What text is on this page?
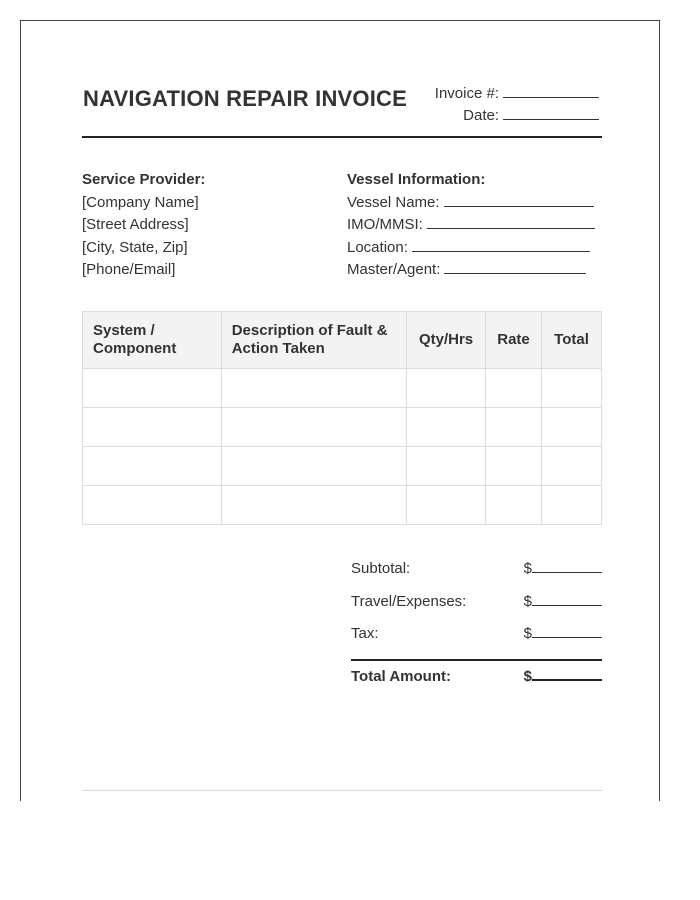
NAVIGATION REPAIR INVOICE Invoice #:
Date:
Service Provider:
[Company Name]
[Street Address]
[City, State, Zip]
[Phone/Email]
Vessel Information:
Vessel Name:
IMO/MMSI:
Location:
Master/Agent:
System / Component	Description of Fault & Action Taken	Qty/Hrs	Rate	Total

Subtotal:	$
Travel/Expenses:	$
Tax:	$
Total Amount:	$
